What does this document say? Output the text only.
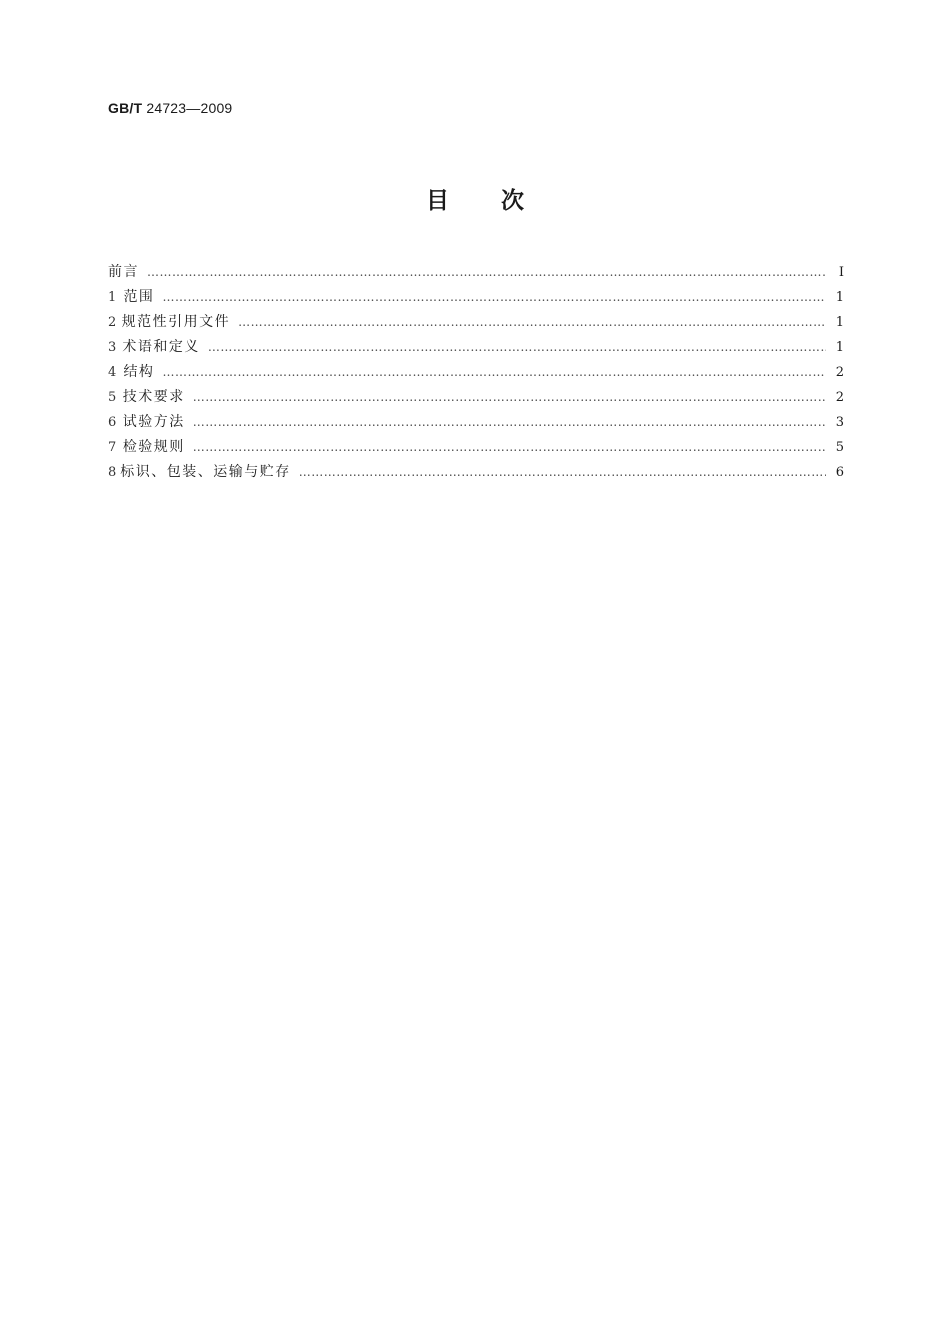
GB/T 24723—2009
目 次
前言 ……………………………………………………………………………………………………………………………………………………………………………………………………………………………………	Ⅰ
1 范围 ……………………………………………………………………………………………………………………………………………………………………………………………………………………………………	1
2 规范性引用文件 ……………………………………………………………………………………………………………………………………………………………………………………………………………………………………	1
3 术语和定义 ……………………………………………………………………………………………………………………………………………………………………………………………………………………………………	1
4 结构 ……………………………………………………………………………………………………………………………………………………………………………………………………………………………………	2
5 技术要求 ……………………………………………………………………………………………………………………………………………………………………………………………………………………………………	2
6 试验方法 ……………………………………………………………………………………………………………………………………………………………………………………………………………………………………	3
7 检验规则 ……………………………………………………………………………………………………………………………………………………………………………………………………………………………………	5
8 标识、包装、运输与贮存 ……………………………………………………………………………………………………………………………………………………………………………………………………………………………………	6
